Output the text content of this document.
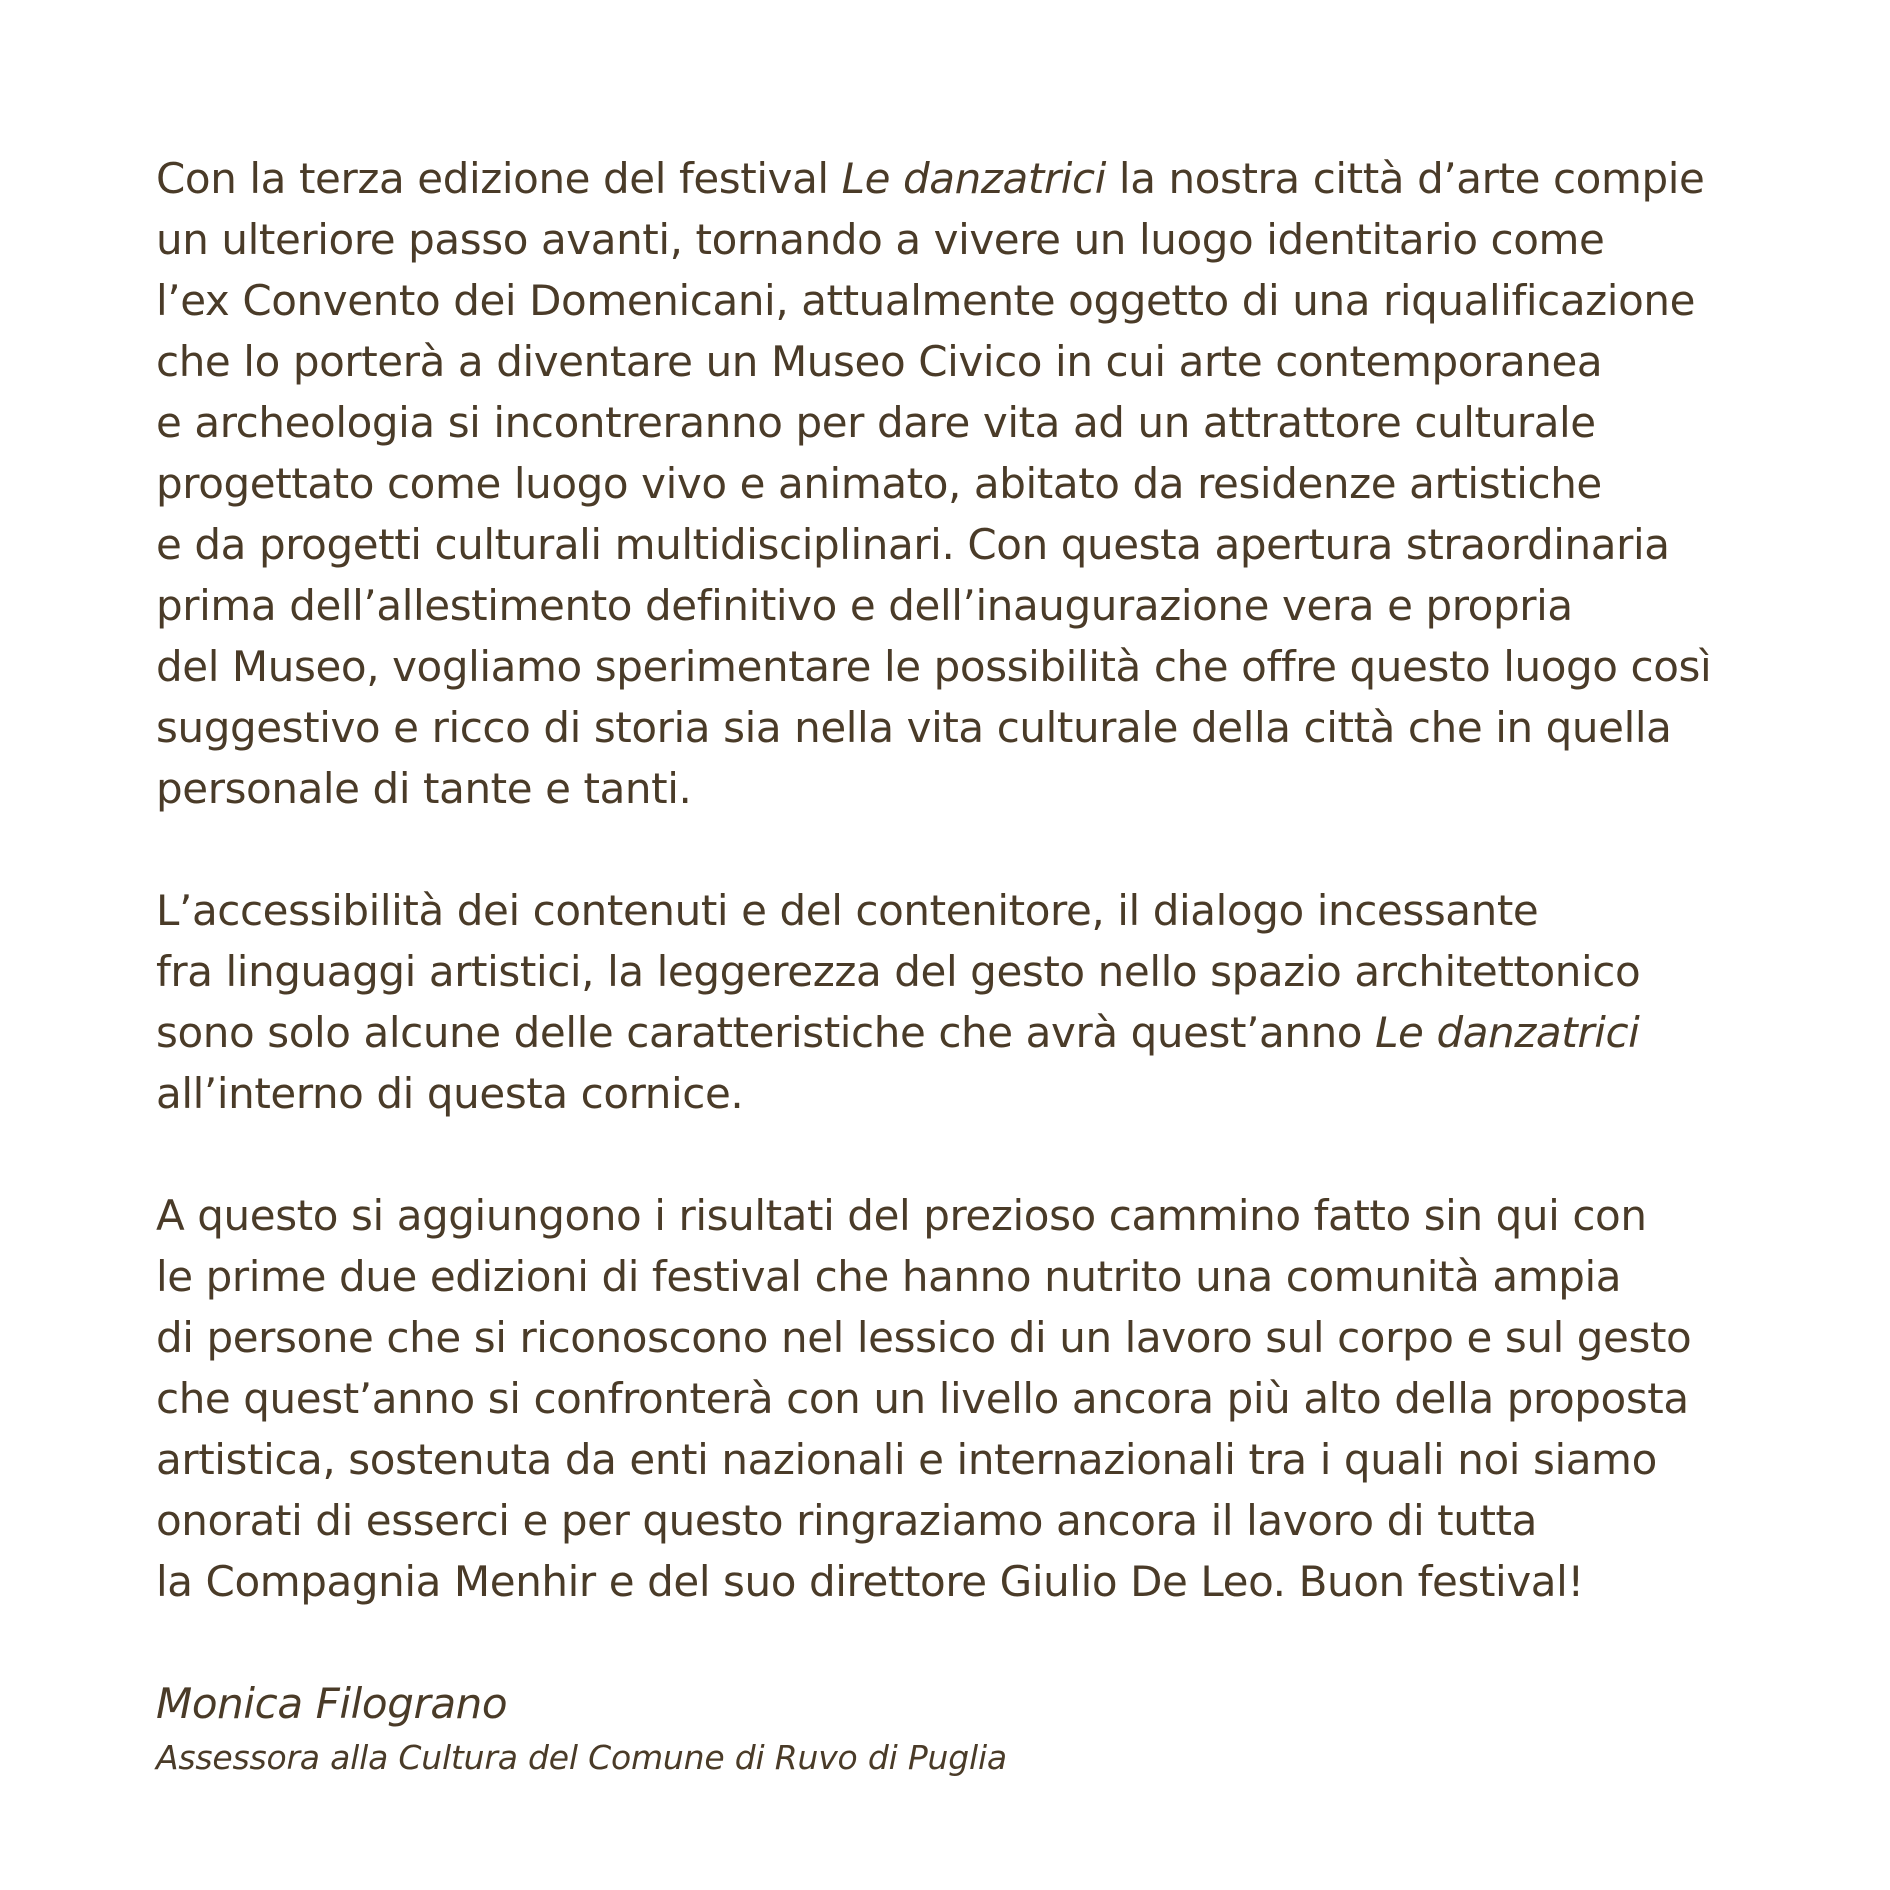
Con la terza edizione del festival Le danzatrici la nostra città d’arte compie
un ulteriore passo avanti, tornando a vivere un luogo identitario come
l’ex Convento dei Domenicani, attualmente oggetto di una riqualificazione
che lo porterà a diventare un Museo Civico in cui arte contemporanea
e archeologia si incontreranno per dare vita ad un attrattore culturale
progettato come luogo vivo e animato, abitato da residenze artistiche
e da progetti culturali multidisciplinari. Con questa apertura straordinaria
prima dell’allestimento definitivo e dell’inaugurazione vera e propria
del Museo, vogliamo sperimentare le possibilità che offre questo luogo così
suggestivo e ricco di storia sia nella vita culturale della città che in quella
personale di tante e tanti.
L’accessibilità dei contenuti e del contenitore, il dialogo incessante
fra linguaggi artistici, la leggerezza del gesto nello spazio architettonico
sono solo alcune delle caratteristiche che avrà quest’anno Le danzatrici
all’interno di questa cornice.
A questo si aggiungono i risultati del prezioso cammino fatto sin qui con
le prime due edizioni di festival che hanno nutrito una comunità ampia
di persone che si riconoscono nel lessico di un lavoro sul corpo e sul gesto
che quest’anno si confronterà con un livello ancora più alto della proposta
artistica, sostenuta da enti nazionali e internazionali tra i quali noi siamo
onorati di esserci e per questo ringraziamo ancora il lavoro di tutta
la Compagnia Menhir e del suo direttore Giulio De Leo. Buon festival!
Monica Filograno
Assessora alla Cultura del Comune di Ruvo di Puglia
